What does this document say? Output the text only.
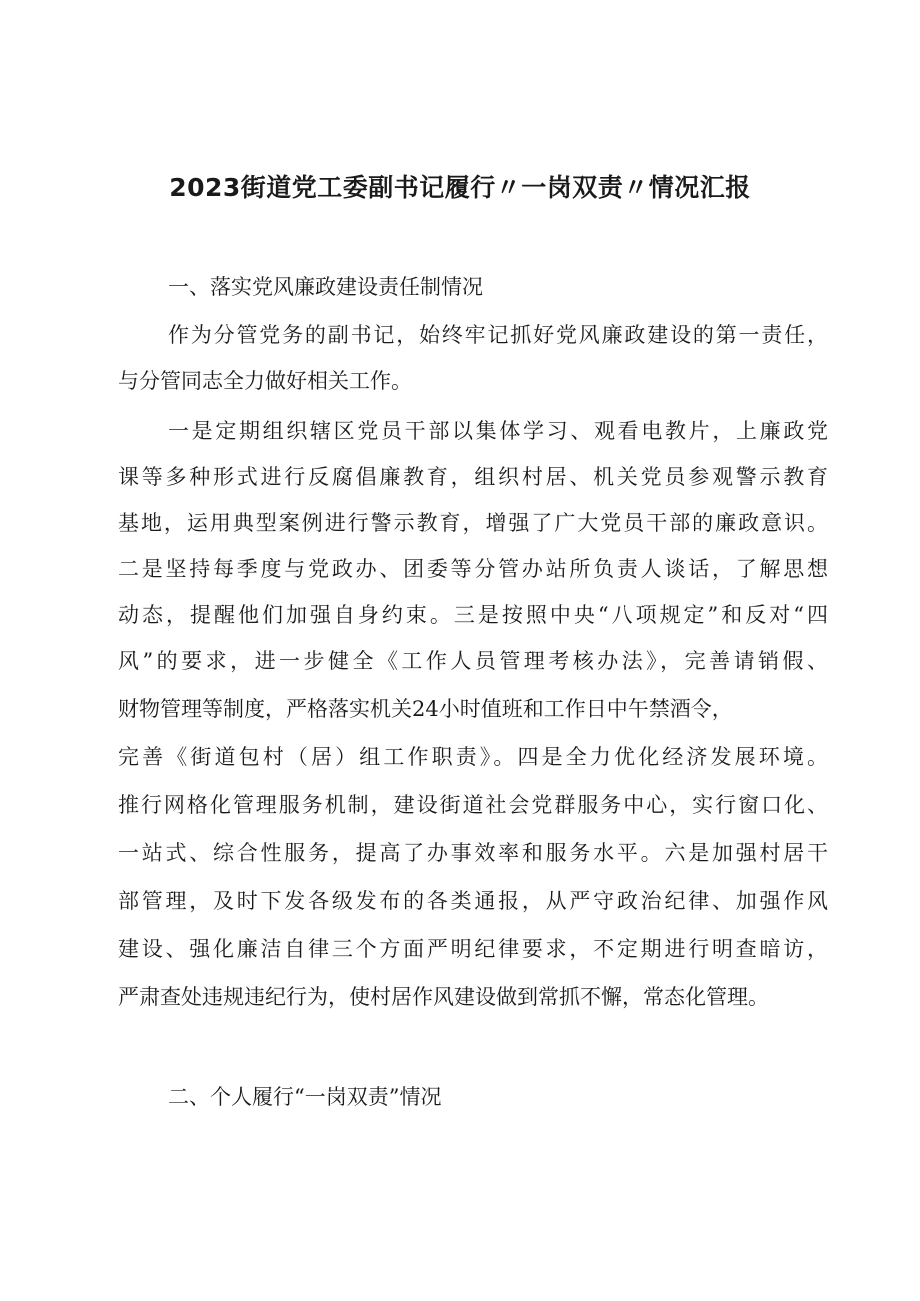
2023街道党工委副书记履行〃一岗双责〃情况汇报

一、落实党风廉政建设责任制情况

作为分管党务的副书记，始终牢记抓好党风廉政建设的第一责任，

与分管同志全力做好相关工作。

一是定期组织辖区党员干部以集体学习、观看电教片，上廉政党

课等多种形式进行反腐倡廉教育，组织村居、机关党员参观警示教育

基地，运用典型案例进行警示教育，增强了广大党员干部的廉政意识。

二是坚持每季度与党政办、团委等分管办站所负责人谈话，了解思想

动态，提醒他们加强自身约束。三是按照中央“八项规定”和反对“四

风”的要求，进一步健全《工作人员管理考核办法》，完善请销假、

财物管理等制度，严格落实机关24小时值班和工作日中午禁酒令，

完善《街道包村（居）组工作职责》。四是全力优化经济发展环境。

推行网格化管理服务机制，建设街道社会党群服务中心，实行窗口化、

一站式、综合性服务，提高了办事效率和服务水平。六是加强村居干

部管理，及时下发各级发布的各类通报，从严守政治纪律、加强作风

建设、强化廉洁自律三个方面严明纪律要求，不定期进行明查暗访，

严肃查处违规违纪行为，使村居作风建设做到常抓不懈，常态化管理。

二、个人履行“一岗双责”情况
